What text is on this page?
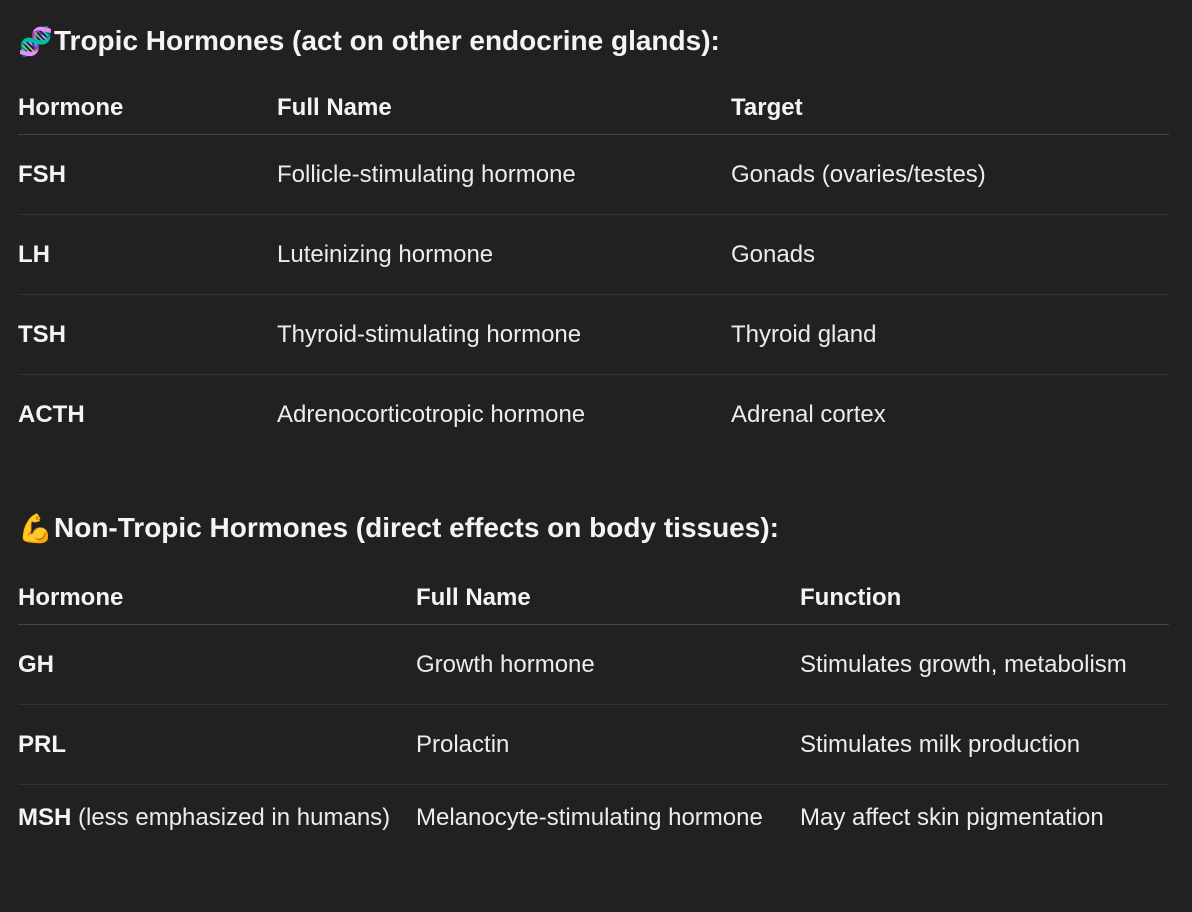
🧬 Tropic Hormones (act on other endocrine glands):
Hormone	Full Name	Target
FSH	Follicle-stimulating hormone	Gonads (ovaries/testes)
LH	Luteinizing hormone	Gonads
TSH	Thyroid-stimulating hormone	Thyroid gland
ACTH	Adrenocorticotropic hormone	Adrenal cortex
💪 Non-Tropic Hormones (direct effects on body tissues):
Hormone	Full Name	Function
GH	Growth hormone	Stimulates growth, metabolism
PRL	Prolactin	Stimulates milk production
MSH (less emphasized in humans)	Melanocyte-stimulating hormone	May affect skin pigmentation
